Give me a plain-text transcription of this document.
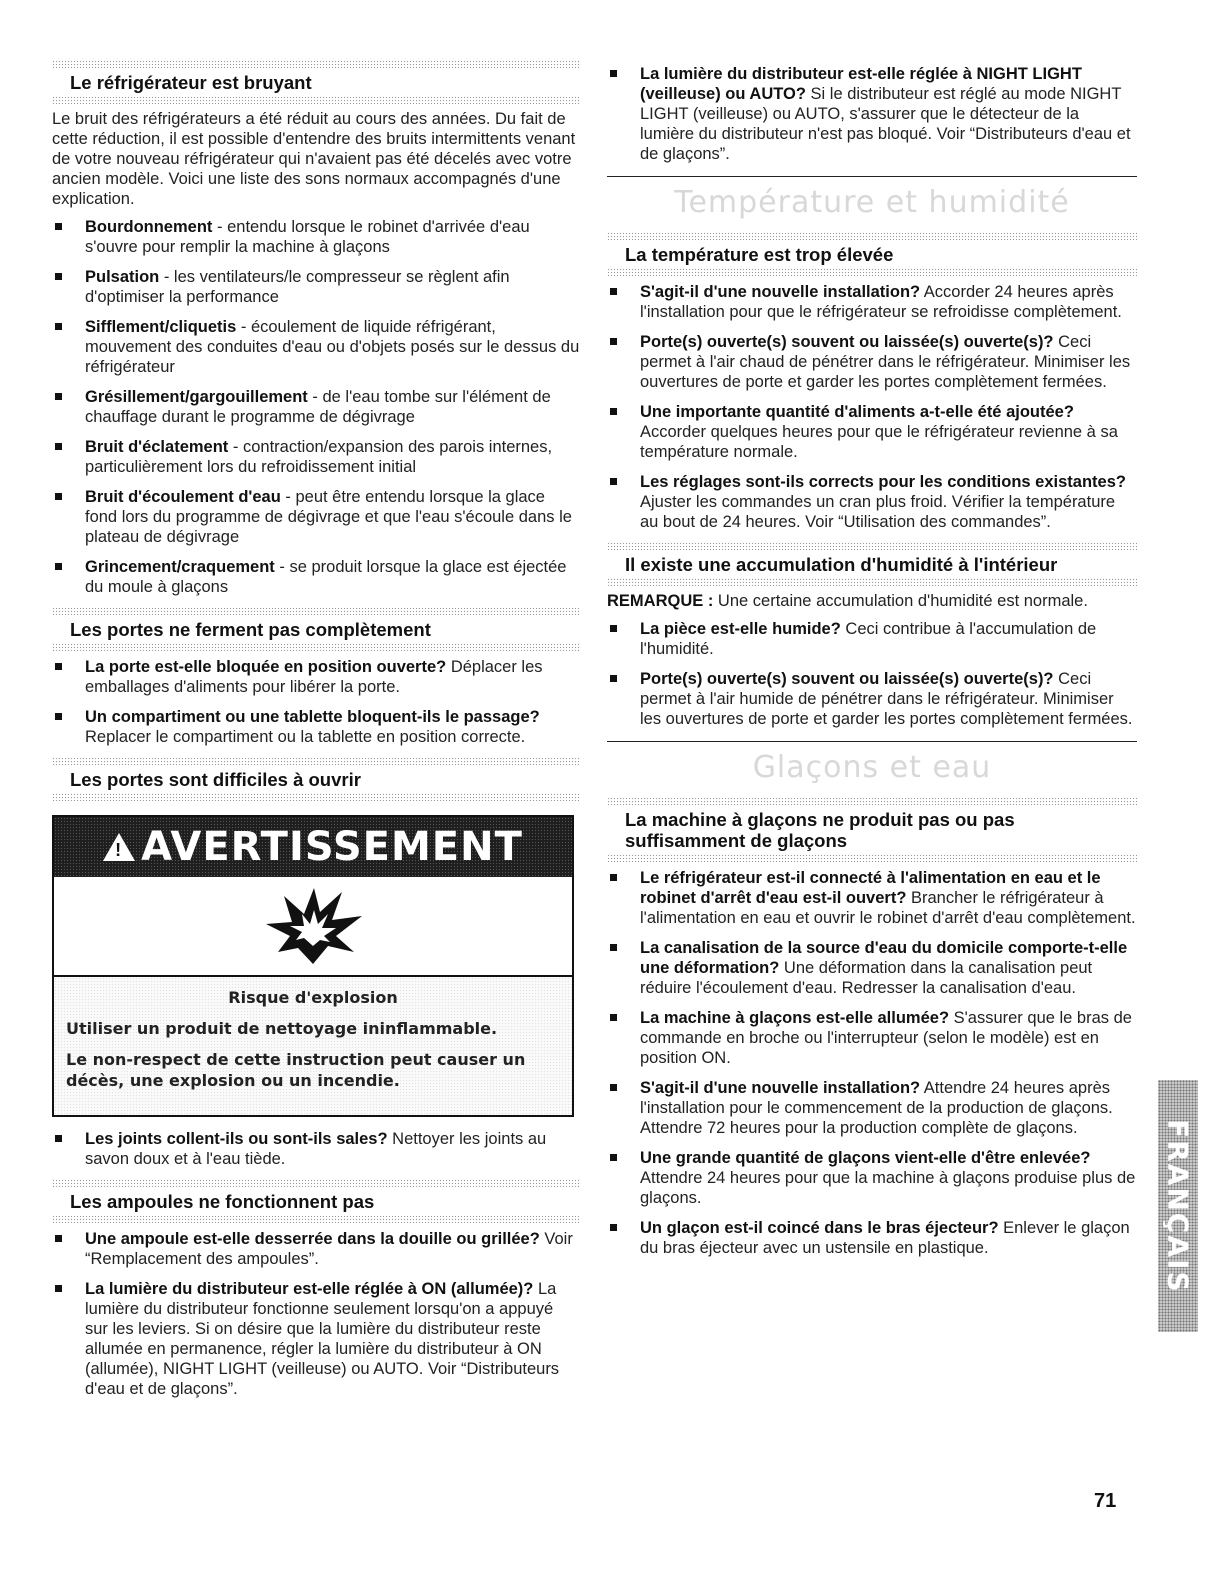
Le réfrigérateur est bruyant

Le bruit des réfrigérateurs a été réduit au cours des années. Du fait de cette réduction, il est possible d'entendre des bruits intermittents venant de votre nouveau réfrigérateur qui n'avaient pas été décelés avec votre ancien modèle. Voici une liste des sons normaux accompagnés d'une explication.

Bourdonnement - entendu lorsque le robinet d'arrivée d'eau s'ouvre pour remplir la machine à glaçons
Pulsation - les ventilateurs/le compresseur se règlent afin d'optimiser la performance
Sifflement/cliquetis - écoulement de liquide réfrigérant, mouvement des conduites d'eau ou d'objets posés sur le dessus du réfrigérateur
Grésillement/gargouillement - de l'eau tombe sur l'élément de chauffage durant le programme de dégivrage
Bruit d'éclatement - contraction/expansion des parois internes, particulièrement lors du refroidissement initial
Bruit d'écoulement d'eau - peut être entendu lorsque la glace fond lors du programme de dégivrage et que l'eau s'écoule dans le plateau de dégivrage
Grincement/craquement - se produit lorsque la glace est éjectée du moule à glaçons
Les portes ne ferment pas complètement
La porte est-elle bloquée en position ouverte? Déplacer les emballages d'aliments pour libérer la porte.
Un compartiment ou une tablette bloquent-ils le passage? Replacer le compartiment ou la tablette en position correcte.
Les portes sont difficiles à ouvrir
! AVERTISSEMENT

Risque d'explosion

Utiliser un produit de nettoyage ininflammable.

Le non-respect de cette instruction peut causer un décès, une explosion ou un incendie.

Les joints collent-ils ou sont-ils sales? Nettoyer les joints au savon doux et à l'eau tiède.
Les ampoules ne fonctionnent pas
Une ampoule est-elle desserrée dans la douille ou grillée? Voir “Remplacement des ampoules”.
La lumière du distributeur est-elle réglée à ON (allumée)? La lumière du distributeur fonctionne seulement lorsqu'on a appuyé sur les leviers. Si on désire que la lumière du distributeur reste allumée en permanence, régler la lumière du distributeur à ON (allumée), NIGHT LIGHT (veilleuse) ou AUTO. Voir “Distributeurs d'eau et de glaçons”.
La lumière du distributeur est-elle réglée à NIGHT LIGHT (veilleuse) ou AUTO? Si le distributeur est réglé au mode NIGHT LIGHT (veilleuse) ou AUTO, s'assurer que le détecteur de la lumière du distributeur n'est pas bloqué. Voir “Distributeurs d'eau et de glaçons”.
Température et humidité
La température est trop élevée
S'agit-il d'une nouvelle installation? Accorder 24 heures après l'installation pour que le réfrigérateur se refroidisse complètement.
Porte(s) ouverte(s) souvent ou laissée(s) ouverte(s)? Ceci permet à l'air chaud de pénétrer dans le réfrigérateur. Minimiser les ouvertures de porte et garder les portes complètement fermées.
Une importante quantité d'aliments a-t-elle été ajoutée? Accorder quelques heures pour que le réfrigérateur revienne à sa température normale.
Les réglages sont-ils corrects pour les conditions existantes? Ajuster les commandes un cran plus froid. Vérifier la température au bout de 24 heures. Voir “Utilisation des commandes”.
Il existe une accumulation d'humidité à l'intérieur

REMARQUE : Une certaine accumulation d'humidité est normale.

La pièce est-elle humide? Ceci contribue à l'accumulation de l'humidité.
Porte(s) ouverte(s) souvent ou laissée(s) ouverte(s)? Ceci permet à l'air humide de pénétrer dans le réfrigérateur. Minimiser les ouvertures de porte et garder les portes complètement fermées.
Glaçons et eau
La machine à glaçons ne produit pas ou pas suffisamment de glaçons
Le réfrigérateur est-il connecté à l'alimentation en eau et le robinet d'arrêt d'eau est-il ouvert? Brancher le réfrigérateur à l'alimentation en eau et ouvrir le robinet d'arrêt d'eau complètement.
La canalisation de la source d'eau du domicile comporte-t-elle une déformation? Une déformation dans la canalisation peut réduire l'écoulement d'eau. Redresser la canalisation d'eau.
La machine à glaçons est-elle allumée? S'assurer que le bras de commande en broche ou l'interrupteur (selon le modèle) est en position ON.
S'agit-il d'une nouvelle installation? Attendre 24 heures après l'installation pour le commencement de la production de glaçons. Attendre 72 heures pour la production complète de glaçons.
Une grande quantité de glaçons vient-elle d'être enlevée? Attendre 24 heures pour que la machine à glaçons produise plus de glaçons.
Un glaçon est-il coincé dans le bras éjecteur? Enlever le glaçon du bras éjecteur avec un ustensile en plastique.	FRANÇAIS
71
